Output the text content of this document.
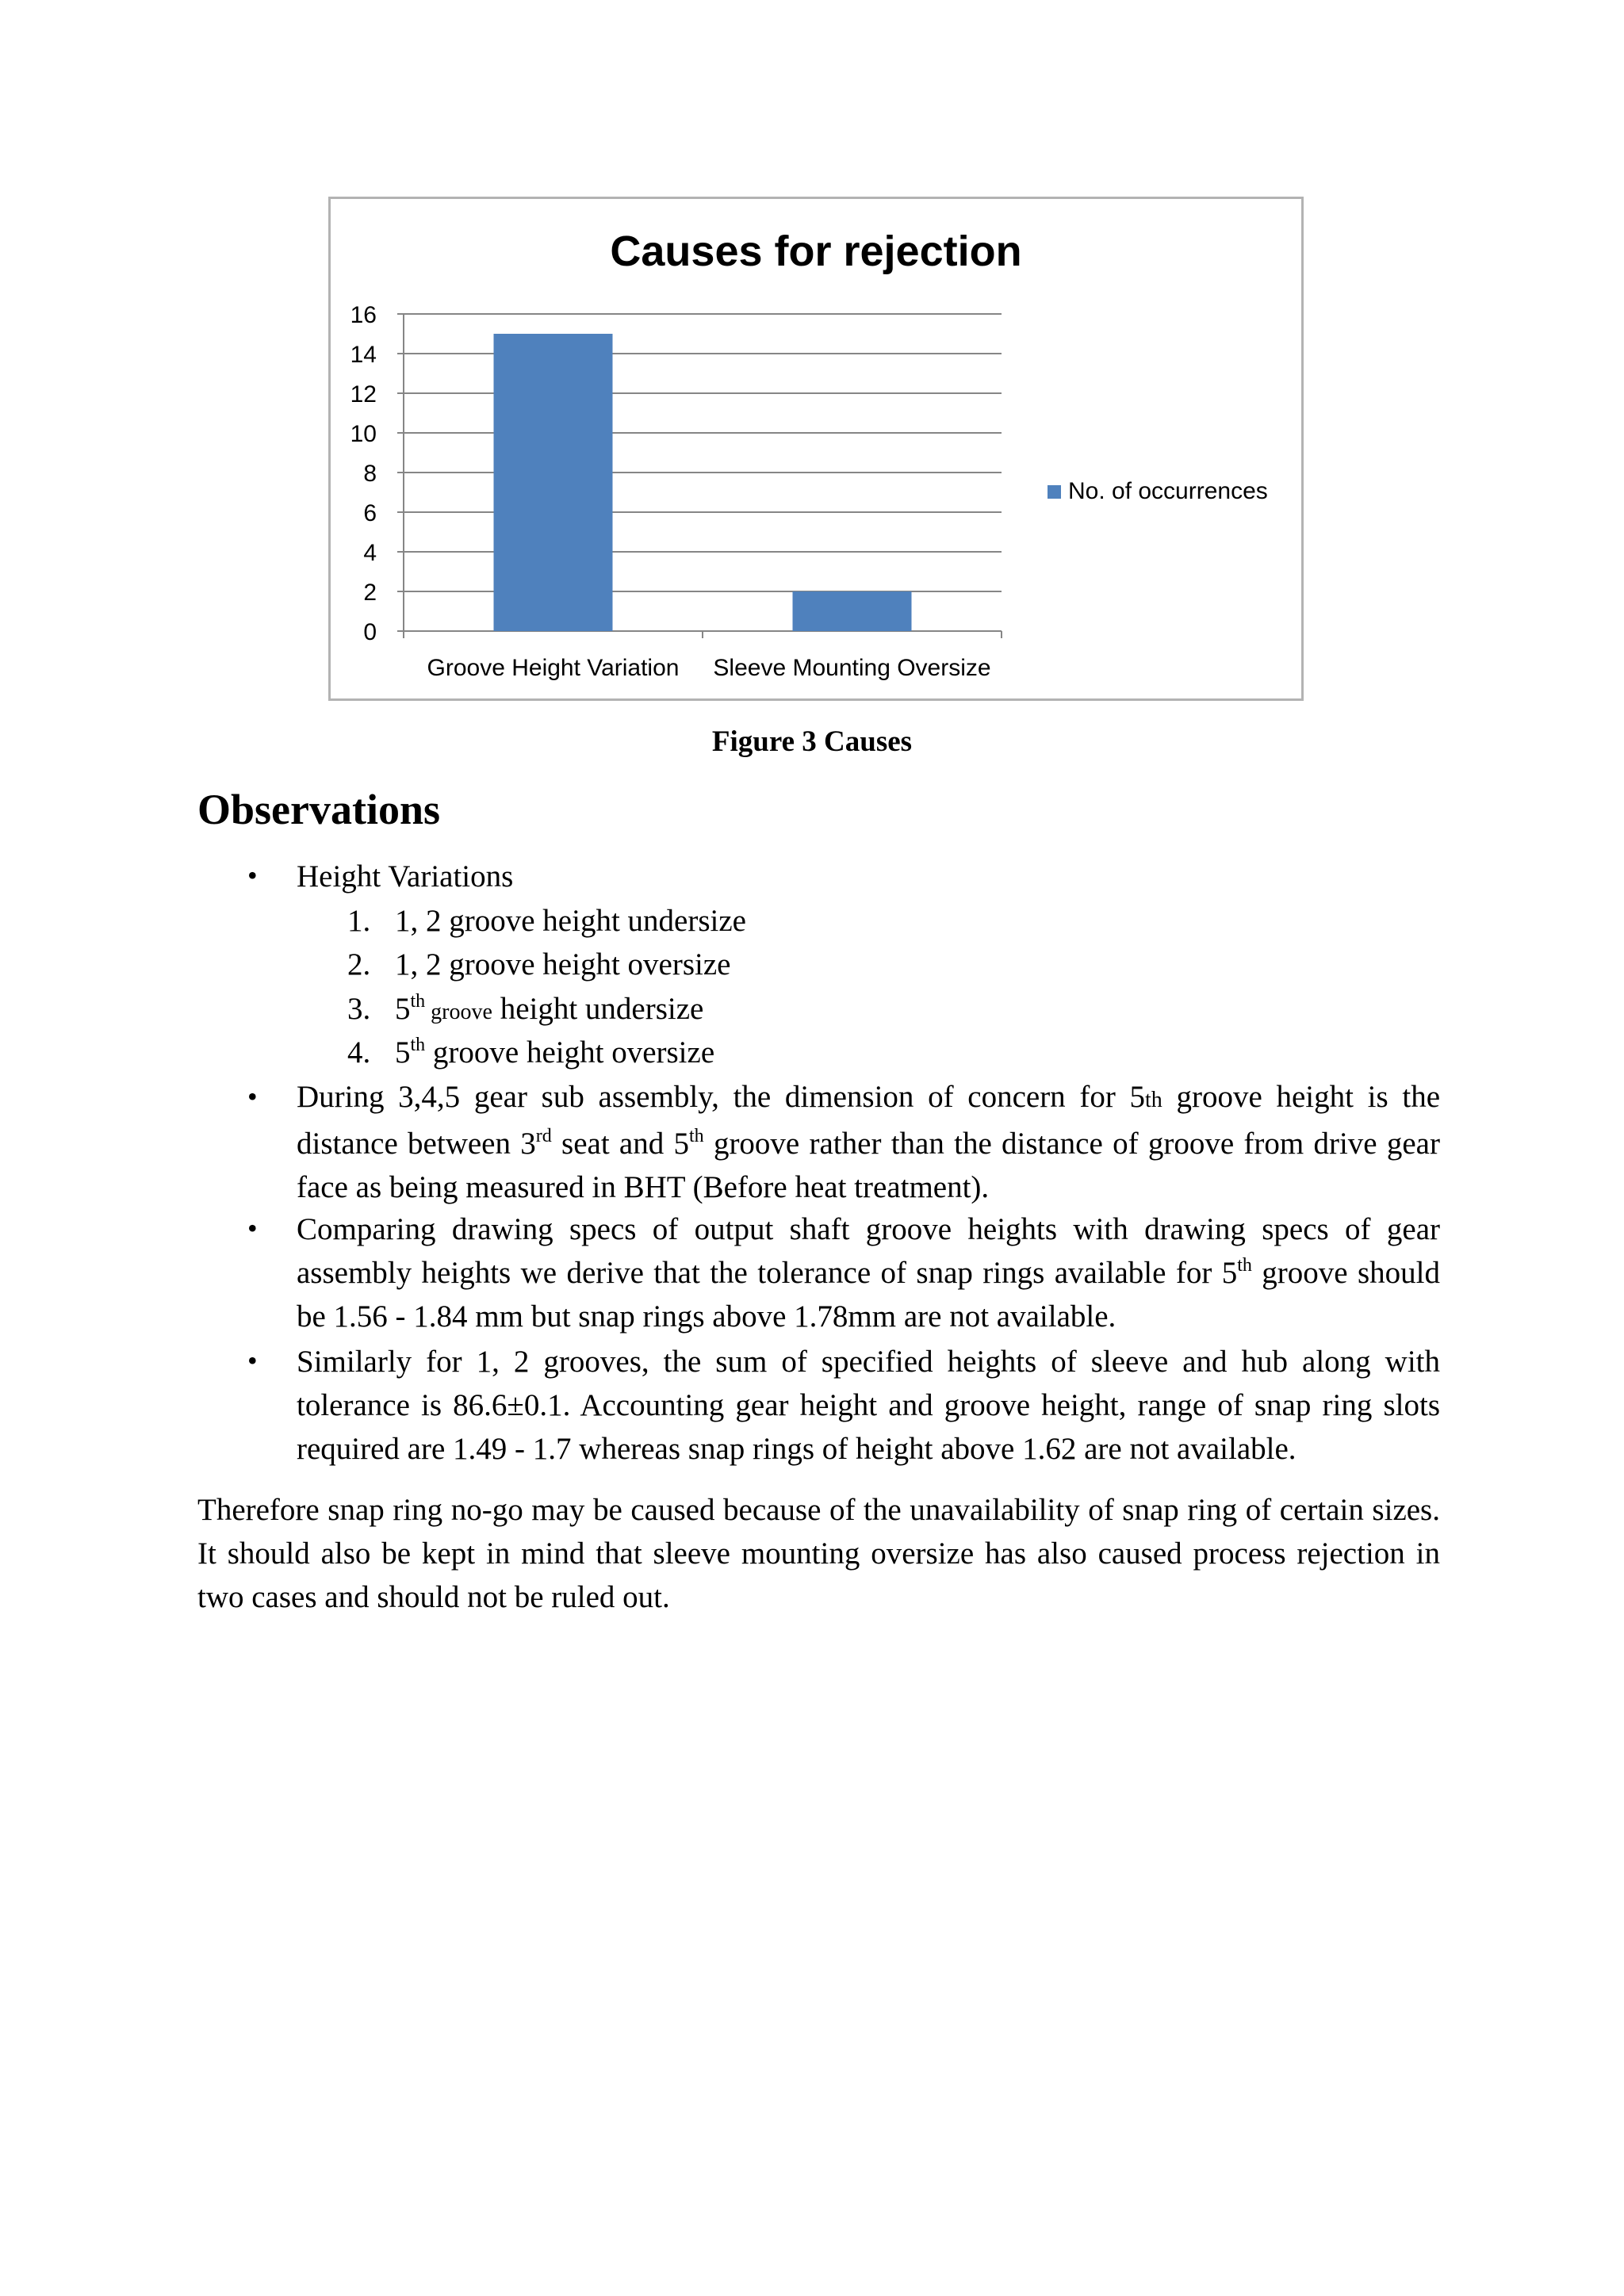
Causes for rejection
0
2
4
6
8
10
12
14
16
Groove Height Variation Sleeve Mounting Oversize
No. of occurrences
Figure 3 Causes
Observations
• Height Variations
1. 1, 2 groove height undersize
2. 1, 2 groove height oversize
3. 5th groove height undersize
4. 5th groove height oversize
• During 3,4,5 gear sub assembly, the dimension of concern for 5th groove height is the distance between 3rd seat and 5th groove rather than the distance of groove from drive gear face as being measured in BHT (Before heat treatment).
• Comparing drawing specs of output shaft groove heights with drawing specs of gear assembly heights we derive that the tolerance of snap rings available for 5th groove should be 1.56 - 1.84 mm but snap rings above 1.78mm are not available.
• Similarly for 1, 2 grooves, the sum of specified heights of sleeve and hub along with tolerance is 86.6±0.1. Accounting gear height and groove height, range of snap ring slots required are 1.49 - 1.7 whereas snap rings of height above 1.62 are not available.
Therefore snap ring no-go may be caused because of the unavailability of snap ring of certain sizes. It should also be kept in mind that sleeve mounting oversize has also caused process rejection in two cases and should not be ruled out.
